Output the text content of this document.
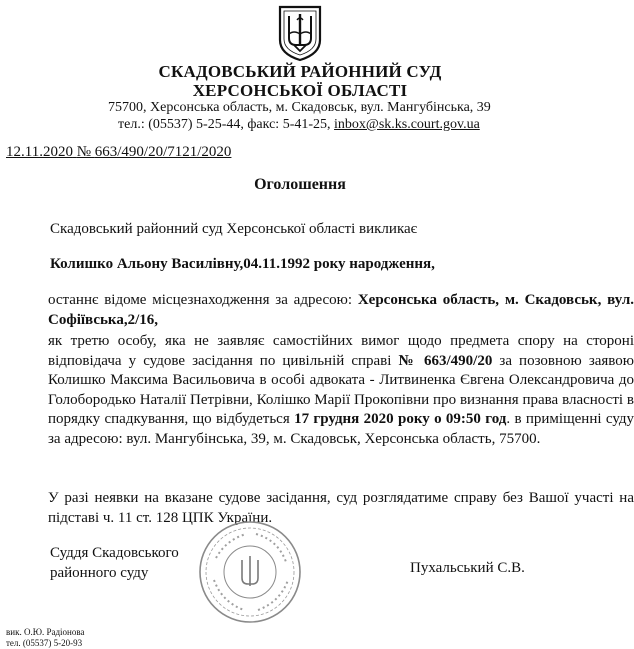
СКАДОВСЬКИЙ РАЙОННИЙ СУД
ХЕРСОНСЬКОЇ ОБЛАСТІ
75700, Херсонська область, м. Скадовськ, вул. Мангубінська, 39
тел.: (05537) 5-25-44, факс: 5-41-25, inbox@sk.ks.court.gov.ua
12.11.2020 № 663/490/20/7121/2020
Оголошення
Скадовський районний суд Херсонської області викликає
Колишко Альону Василівну,04.11.1992 року народження,
останнє відоме місцезнаходження за адресою: Херсонська область, м. Скадовськ, вул. Софіївська,2/16,
як третю особу, яка не заявляє самостійних вимог щодо предмета спору на стороні відповідача у судове засідання по цивільній справі № 663/490/20 за позовною заявою Колишко Максима Васильовича в особі адвоката - Литвиненка Євгена Олександровича до Голобородько Наталії Петрівни, Колішко Марії Прокопівни про визнання права власності в порядку спадкування, що відбудеться 17 грудня 2020 року о 09:50 год. в приміщенні суду за адресою: вул. Мангубінська, 39, м. Скадовськ, Херсонська область, 75700.
У разі неявки на вказане судове засідання, суд розглядатиме справу без Вашої участі на підставі ч. 11 ст. 128 ЦПК України.
Суддя Скадовського
районного суду	Пухальський С.В.
вик. О.Ю. Радіонова
тел. (05537) 5-20-93
